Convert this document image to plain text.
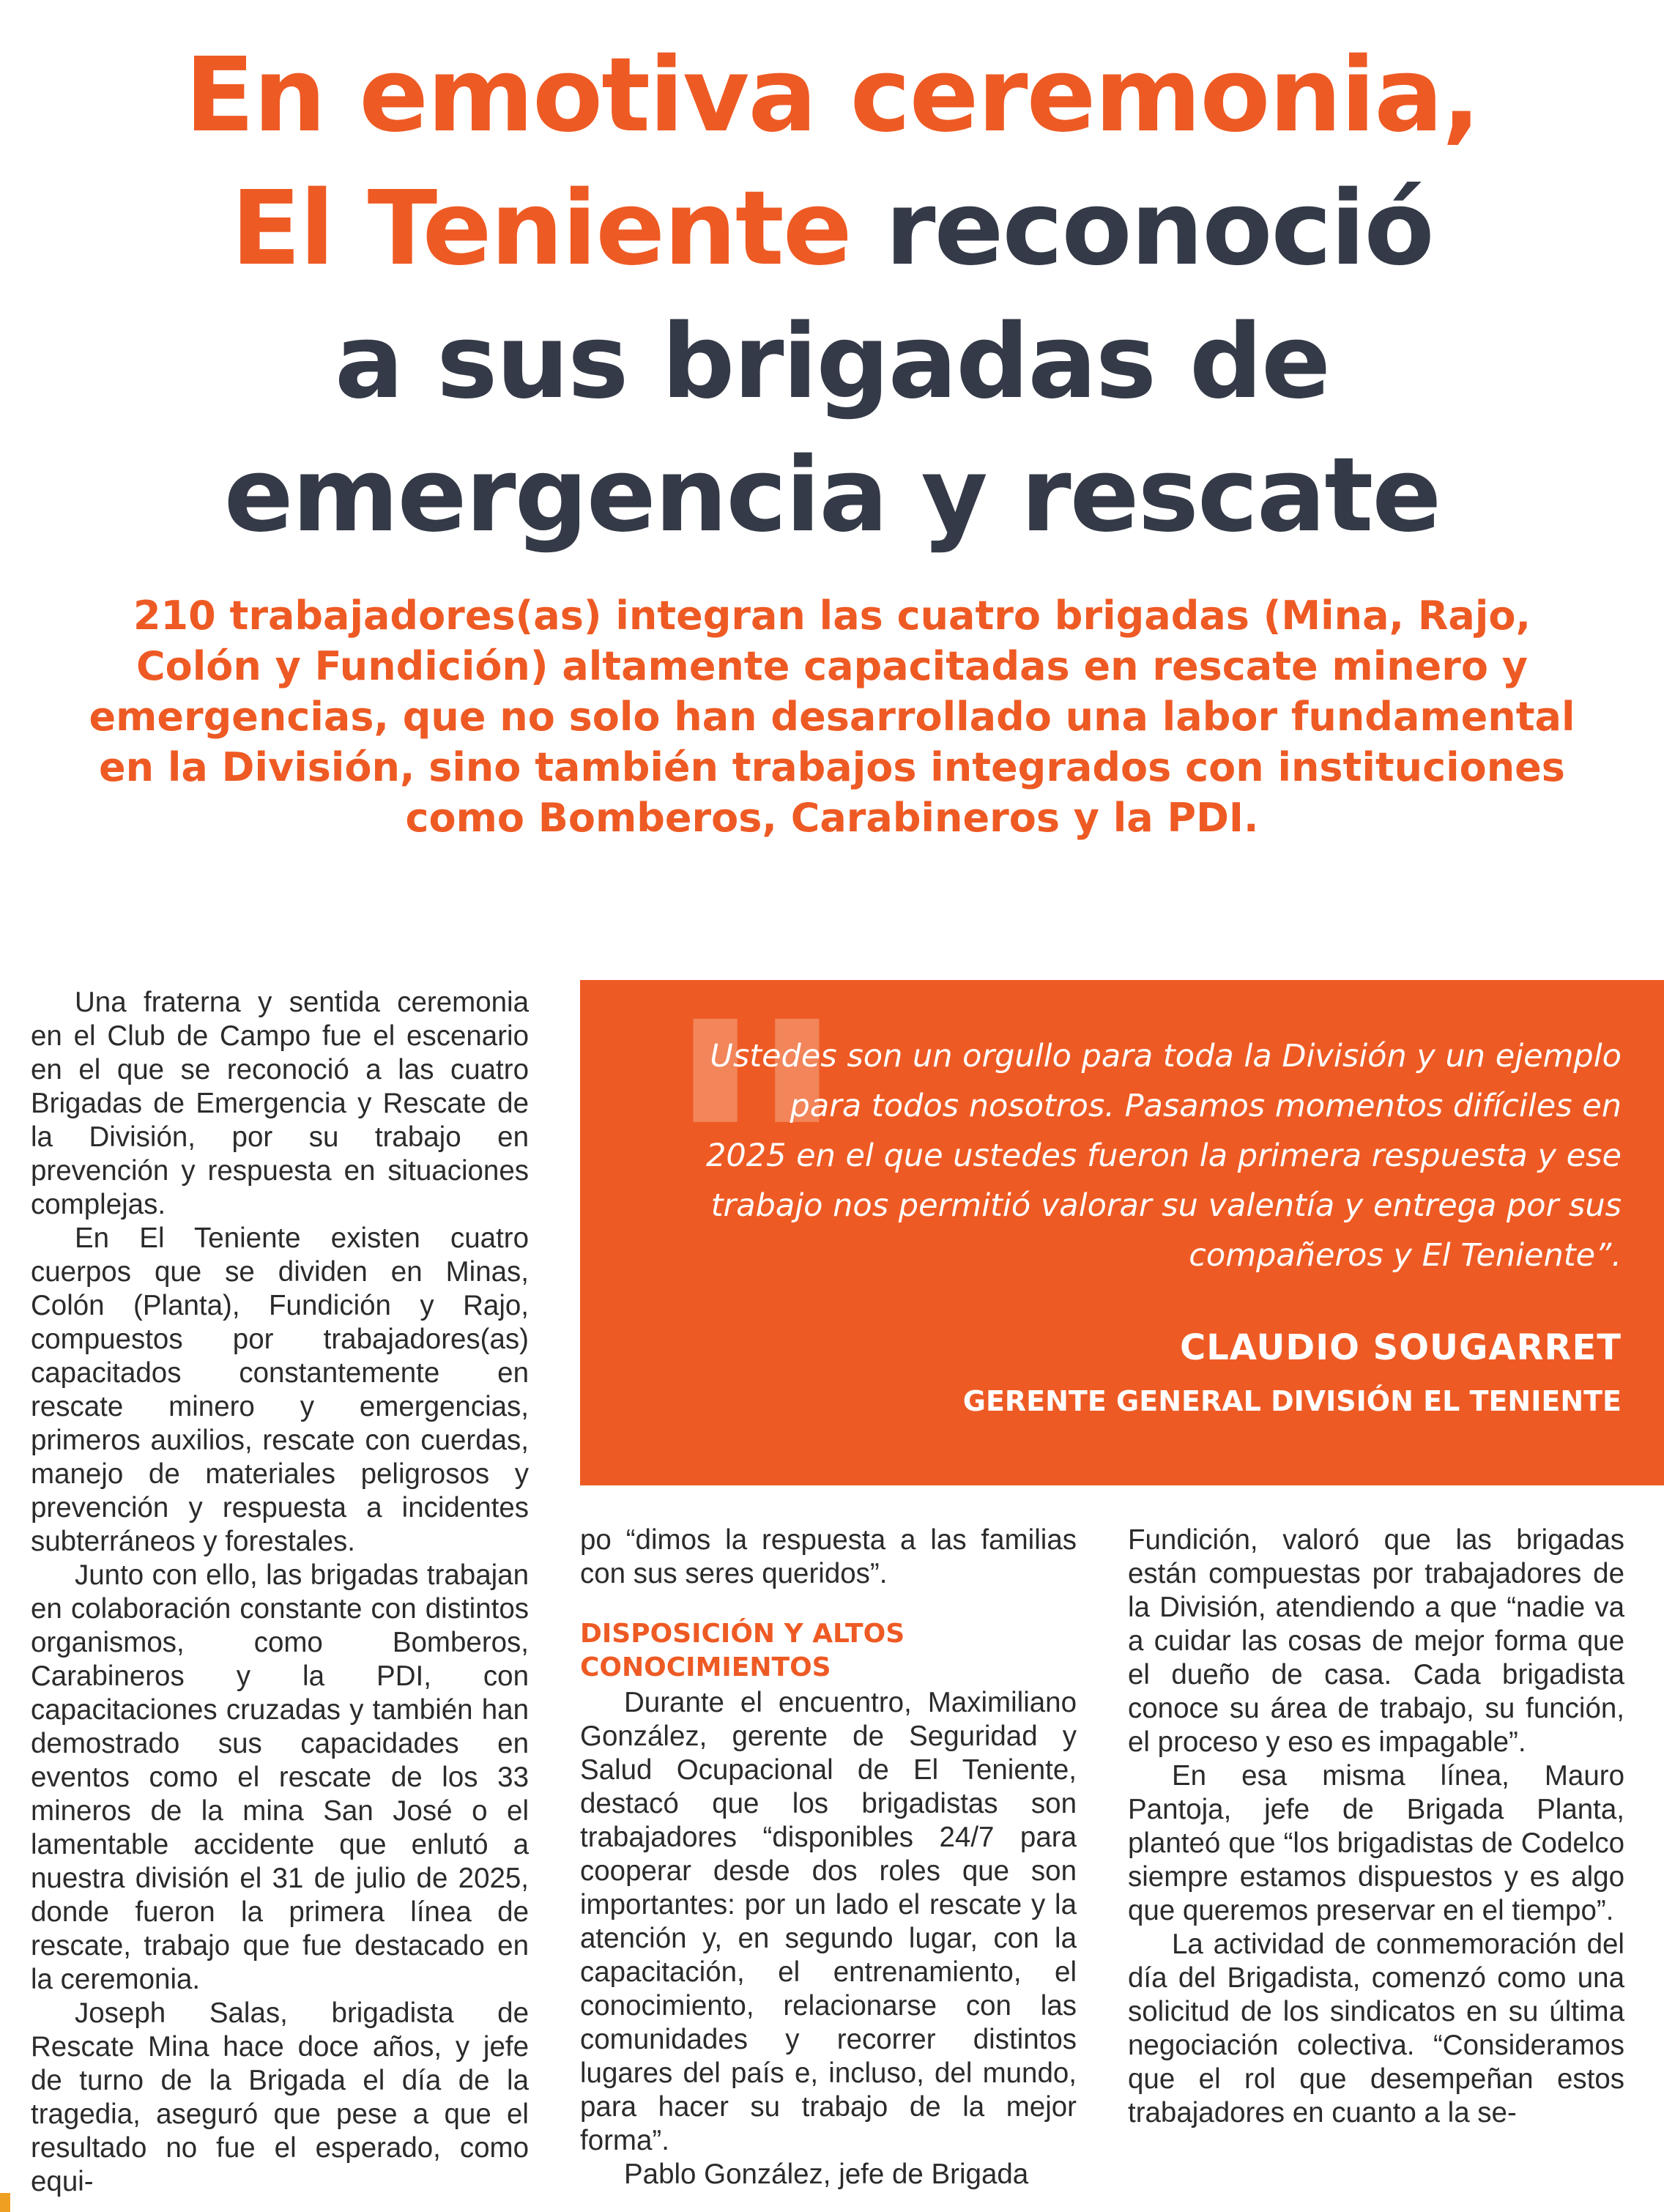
En emotiva ceremonia,
El Teniente reconoció
a sus brigadas de
emergencia y rescate

210 trabajadores(as) integran las cuatro brigadas (Mina, Rajo, Colón y Fundición) altamente capacitadas en rescate minero y emergencias, que no solo han desarrollado una labor fundamental en la División, sino también trabajos integrados con instituciones como Bomberos, Carabineros y la PDI.

Una fraterna y sentida ceremonia en el Club de Campo fue el escenario en el que se reconoció a las cuatro Brigadas de Emergencia y Rescate de la División, por su trabajo en prevención y respuesta en situaciones complejas.

En El Teniente existen cuatro cuerpos que se dividen en Minas, Colón (Planta), Fundición y Rajo, compuestos por trabajadores(as) capacitados constantemente en rescate minero y emergencias, primeros auxilios, rescate con cuerdas, manejo de materiales peligrosos y prevención y respuesta a incidentes subterráneos y forestales.

Junto con ello, las brigadas trabajan en colaboración constante con distintos organismos, como Bomberos, Carabineros y la PDI, con capacitaciones cruzadas y también han demostrado sus capacidades en eventos como el rescate de los 33 mineros de la mina San José o el lamentable accidente que enlutó a nuestra división el 31 de julio de 2025, donde fueron la primera línea de rescate, trabajo que fue destacado en la ceremonia.

Joseph Salas, brigadista de Rescate Mina hace doce años, y jefe de turno de la Brigada el día de la tragedia, aseguró que pese a que el resultado no fue el esperado, como equi-

"

Ustedes son un orgullo para toda la División y un ejemplo para todos nosotros. Pasamos momentos difíciles en 2025 en el que ustedes fueron la primera respuesta y ese trabajo nos permitió valorar su valentía y entrega por sus compañeros y El Teniente”.

CLAUDIO SOUGARRET

GERENTE GENERAL DIVISIÓN EL TENIENTE

po “dimos la respuesta a las familias con sus seres queridos”.

DISPOSICIÓN Y ALTOS CONOCIMIENTOS

Durante el encuentro, Maximiliano González, gerente de Seguridad y Salud Ocupacional de El Teniente, destacó que los brigadistas son trabajadores “disponibles 24/7 para cooperar desde dos roles que son importantes: por un lado el rescate y la atención y, en segundo lugar, con la capacitación, el entrenamiento, el conocimiento, relacionarse con las comunidades y recorrer distintos lugares del país e, incluso, del mundo, para hacer su trabajo de la mejor forma”.

Pablo González, jefe de Brigada

Fundición, valoró que las brigadas están compuestas por trabajadores de la División, atendiendo a que “nadie va a cuidar las cosas de mejor forma que el dueño de casa. Cada brigadista conoce su área de trabajo, su función, el proceso y eso es impagable”.

En esa misma línea, Mauro Pantoja, jefe de Brigada Planta, planteó que “los brigadistas de Codelco siempre estamos dispuestos y es algo que queremos preservar en el tiempo”.

La actividad de conmemoración del día del Brigadista, comenzó como una solicitud de los sindicatos en su última negociación colectiva. “Consideramos que el rol que desempeñan estos trabajadores en cuanto a la se-
